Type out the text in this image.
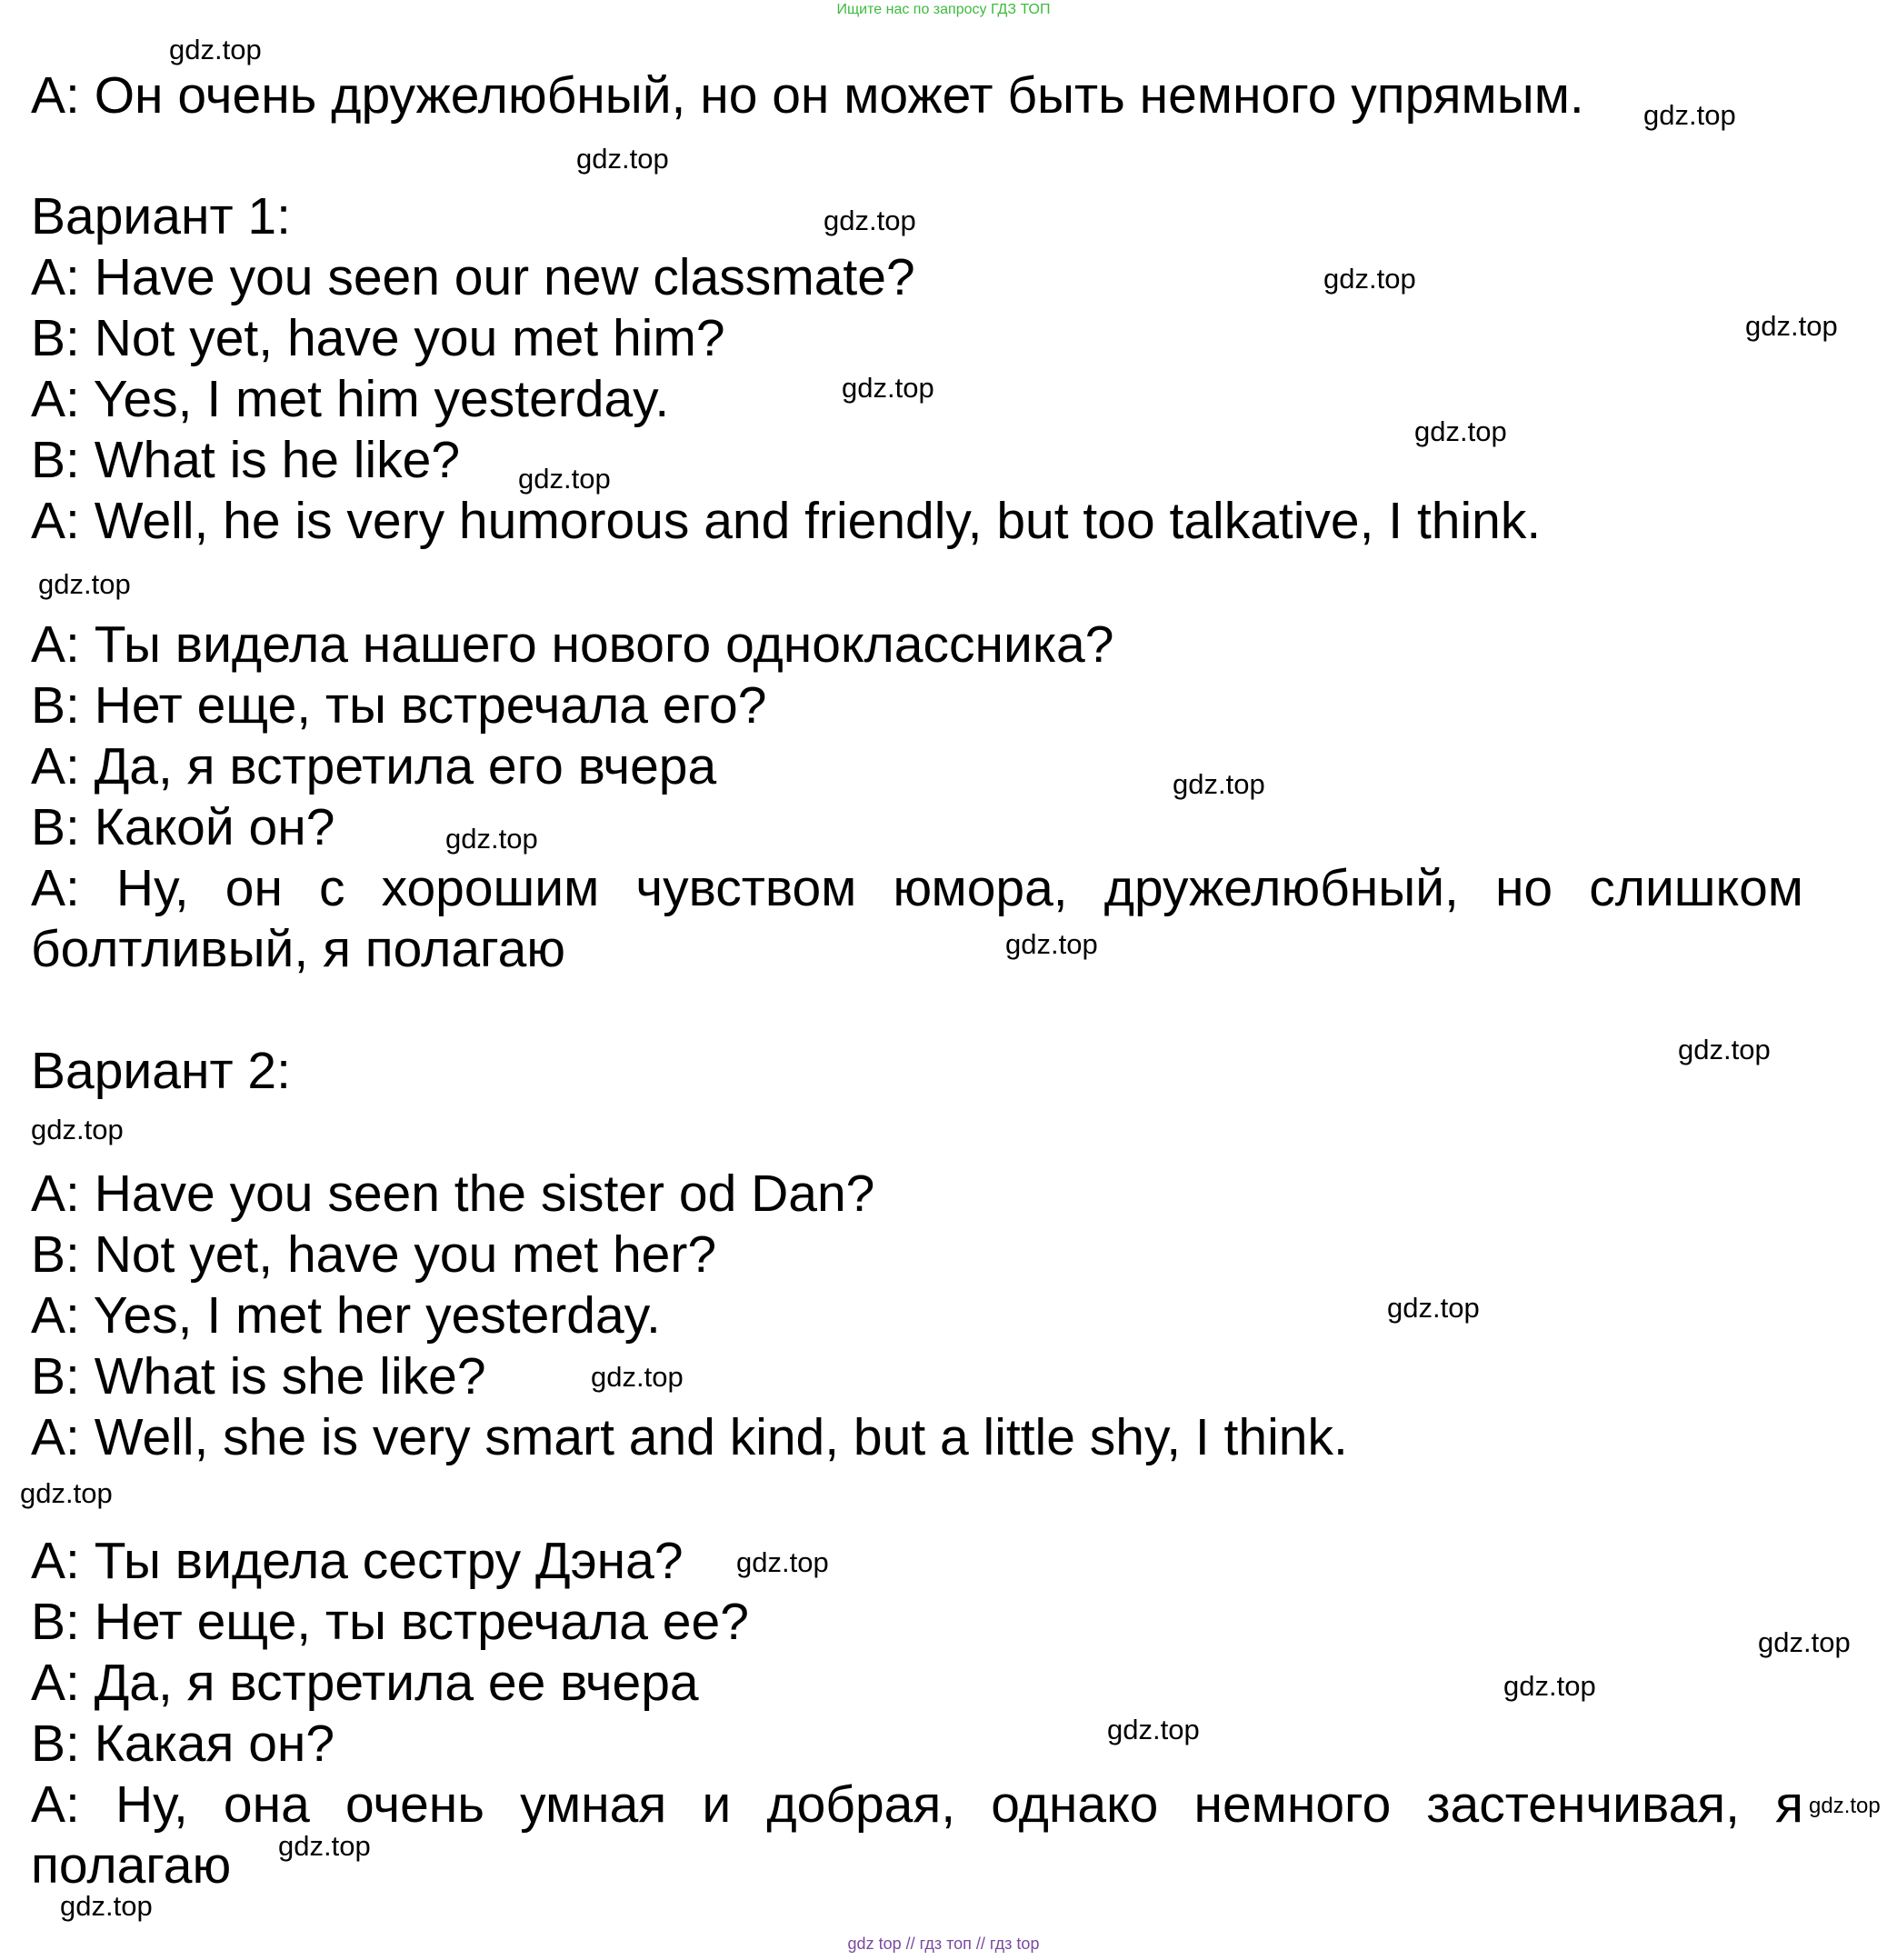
Ищите нас по запросу ГДЗ ТОП
A: Он очень дружелюбный, но он может быть немного упрямым.
Вариант 1:
A: Have you seen our new classmate?
B: Not yet, have you met him?
A: Yes, I met him yesterday.
B: What is he like?
A: Well, he is very humorous and friendly, but too talkative, I think.
A: Ты видела нашего нового одноклассника?
B: Нет еще, ты встречала его?
A: Да, я встретила его вчера
B: Какой он?
A: Ну, он с хорошим чувством юмора, дружелюбный, но слишком болтливый, я полагаю
Вариант 2:
A: Have you seen the sister od Dan?
B: Not yet, have you met her?
A: Yes, I met her yesterday.
B: What is she like?
A: Well, she is very smart and kind, but a little shy, I think.
A: Ты видела сестру Дэна?
B: Нет еще, ты встречала ее?
A: Да, я встретила ее вчера
B: Какая он?
A: Ну, она очень умная и добрая, однако немного застенчивая, я полагаю
gdz.top
gdz.top
gdz.top
gdz.top
gdz.top
gdz.top
gdz.top
gdz.top
gdz.top
gdz.top
gdz.top
gdz.top
gdz.top
gdz.top
gdz.top
gdz.top
gdz.top
gdz.top
gdz.top
gdz.top
gdz.top
gdz.top
gdz.top
gdz.top
gdz.top
gdz top // гдз топ // гдз top
